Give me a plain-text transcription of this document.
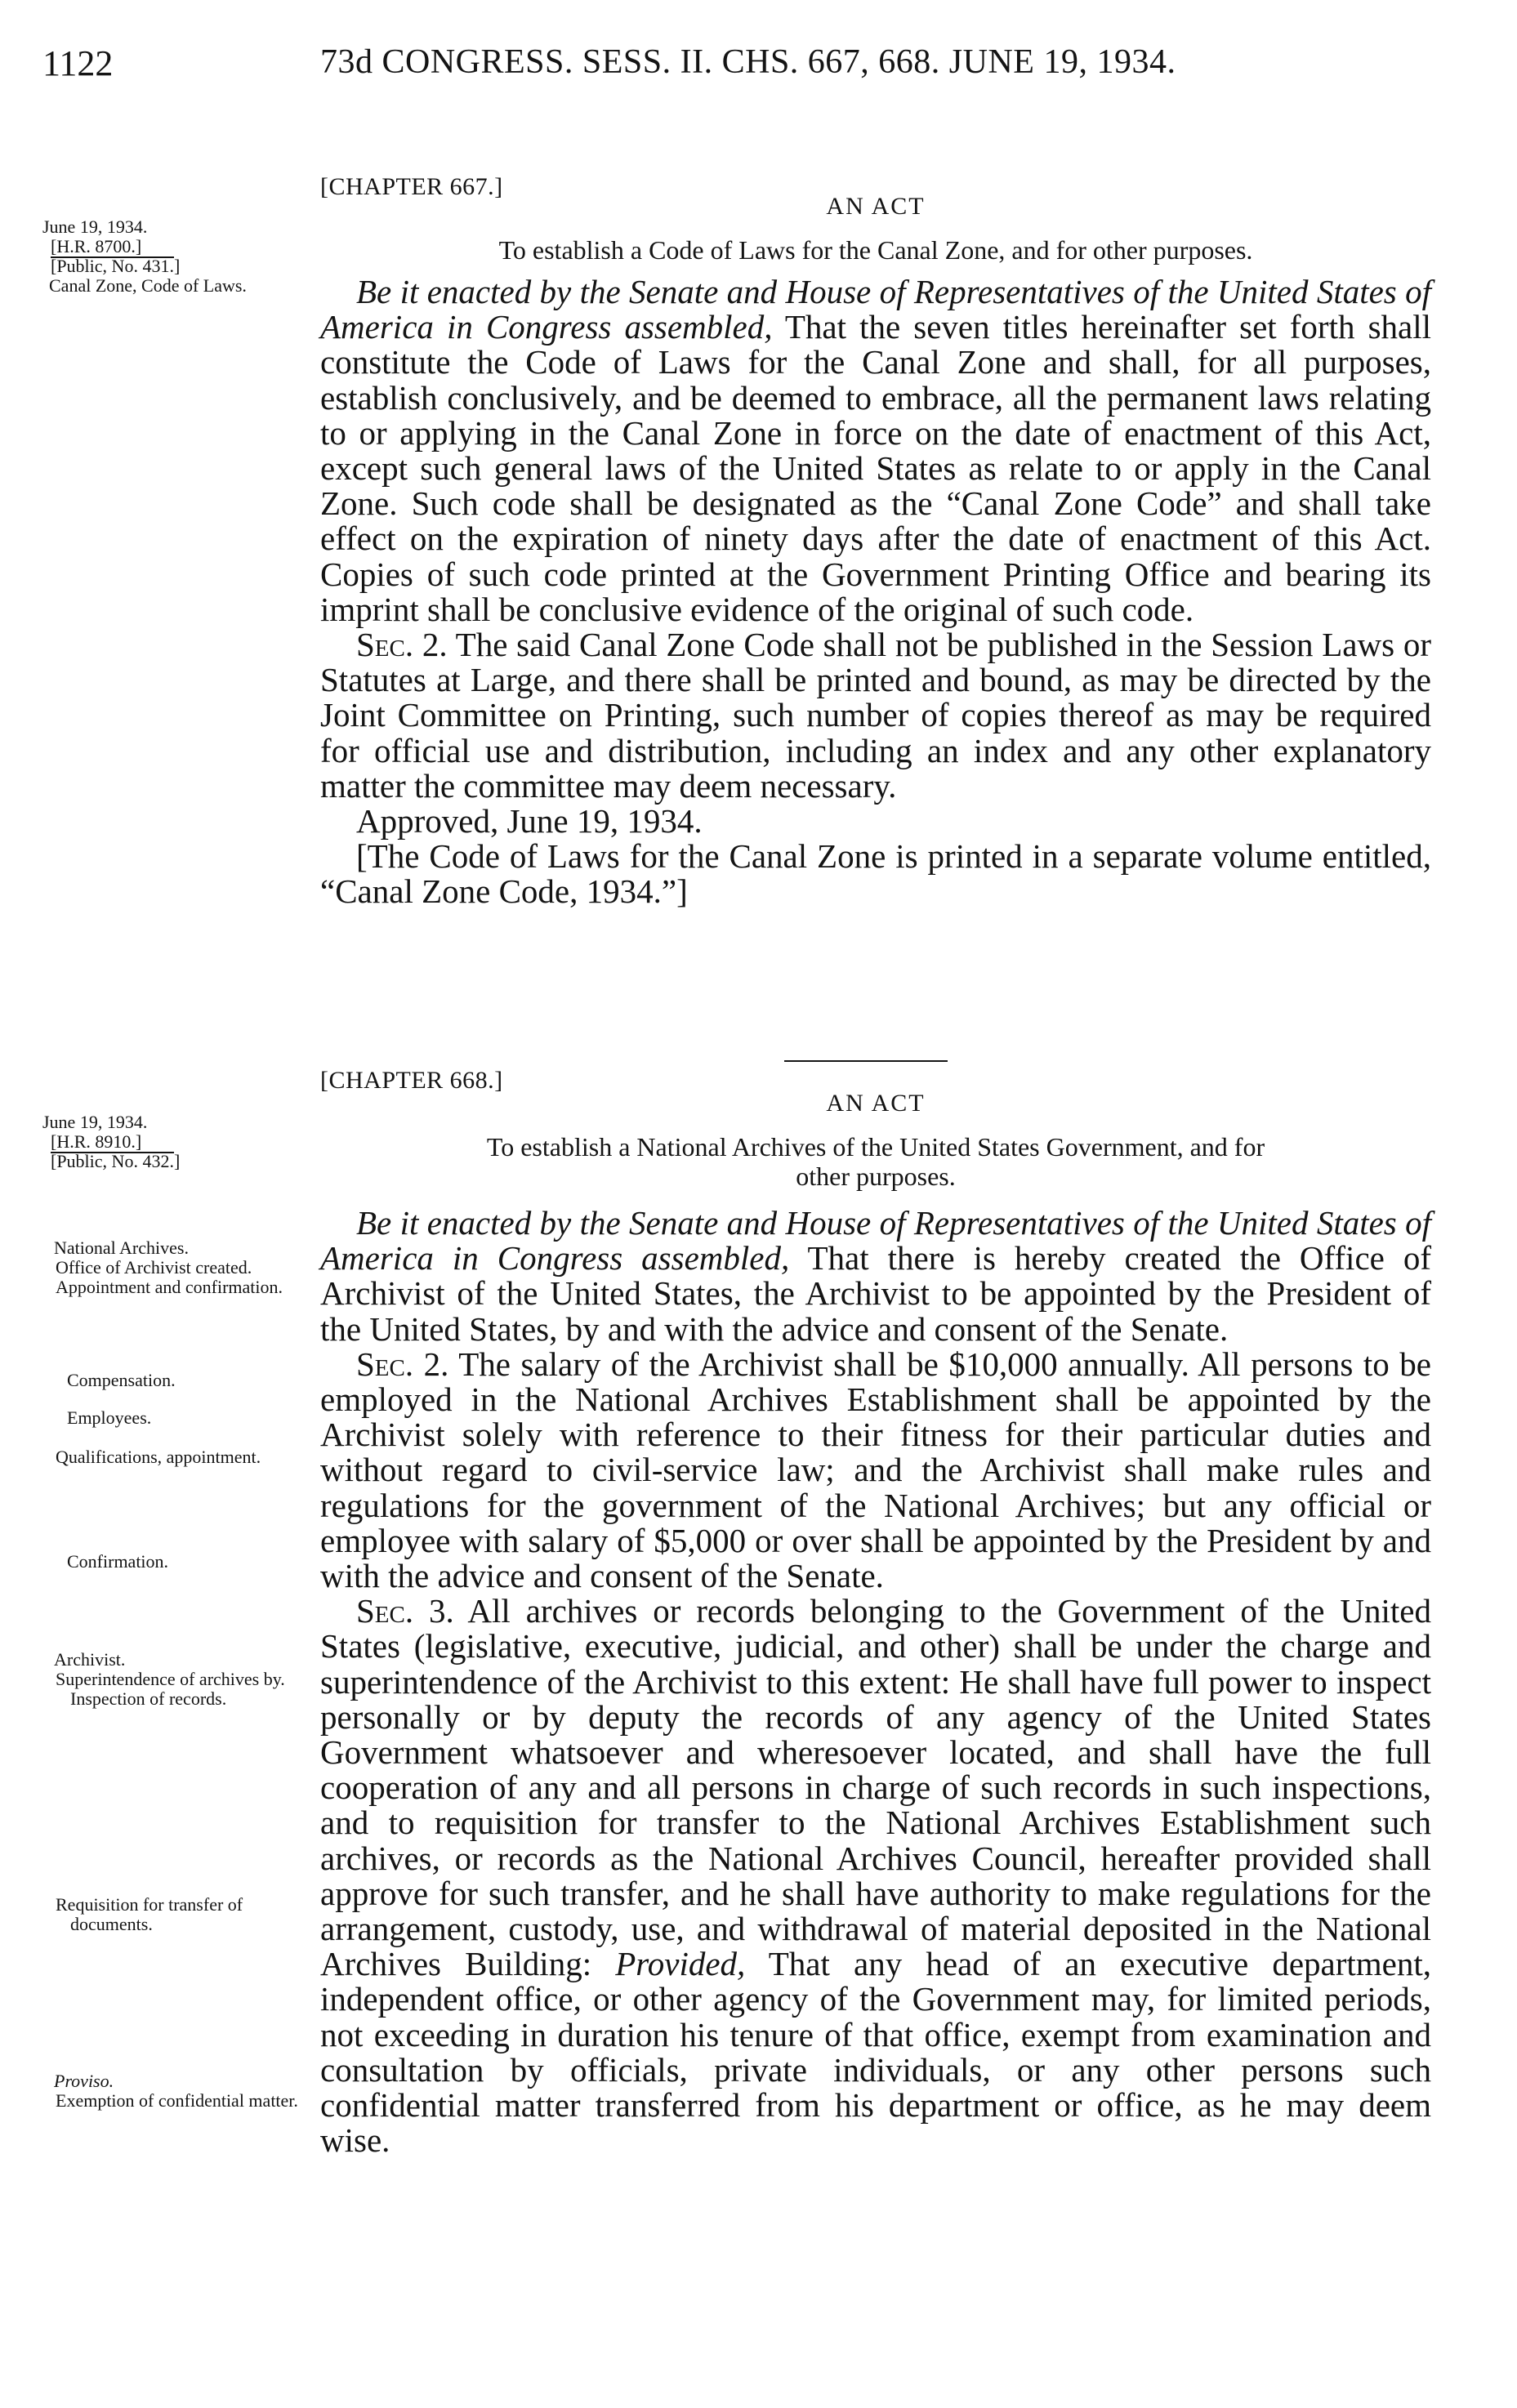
1122	73d CONGRESS. SESS. II. CHS. 667, 668. JUNE 19, 1934.
[CHAPTER 667.]
AN ACT
To establish a Code of Laws for the Canal Zone, and for other purposes.
June 19, 1934.
[H.R. 8700.]
[Public, No. 431.]
Canal Zone, Code of Laws.	Be it enacted by the Senate and House of Representatives of the United States of America in Congress assembled, That the seven titles hereinafter set forth shall constitute the Code of Laws for the Canal Zone and shall, for all purposes, establish conclusively, and be deemed to embrace, all the permanent laws relating to or applying in the Canal Zone in force on the date of enactment of this Act, except such general laws of the United States as relate to or apply in the Canal Zone. Such code shall be designated as the “Canal Zone Code” and shall take effect on the expiration of ninety days after the date of enactment of this Act. Copies of such code printed at the Government Printing Office and bearing its imprint shall be conclusive evidence of the original of such code.

Sec. 2. The said Canal Zone Code shall not be published in the Session Laws or Statutes at Large, and there shall be printed and bound, as may be directed by the Joint Committee on Printing, such number of copies thereof as may be required for official use and distribution, including an index and any other explanatory matter the committee may deem necessary.

Approved, June 19, 1934.

[The Code of Laws for the Canal Zone is printed in a separate volume entitled, “Canal Zone Code, 1934.”]

[CHAPTER 668.]
AN ACT
To establish a National Archives of the United States Government, and for
other purposes.
June 19, 1934.
[H.R. 8910.]
[Public, No. 432.]
National Archives.
Office of Archivist created.
Appointment and confirmation.
Compensation.
Employees.
Qualifications, appointment.
Confirmation.
Archivist.
Superintendence of archives by.
Inspection of records.
Requisition for transfer of documents.
Proviso.
Exemption of confidential matter.

Be it enacted by the Senate and House of Representatives of the United States of America in Congress assembled, That there is hereby created the Office of Archivist of the United States, the Archivist to be appointed by the President of the United States, by and with the advice and consent of the Senate.

Sec. 2. The salary of the Archivist shall be $10,000 annually. All persons to be employed in the National Archives Establishment shall be appointed by the Archivist solely with reference to their fitness for their particular duties and without regard to civil-service law; and the Archivist shall make rules and regulations for the government of the National Archives; but any official or employee with salary of $5,000 or over shall be appointed by the President by and with the advice and consent of the Senate.

Sec. 3. All archives or records belonging to the Government of the United States (legislative, executive, judicial, and other) shall be under the charge and superintendence of the Archivist to this extent: He shall have full power to inspect personally or by deputy the records of any agency of the United States Government whatsoever and wheresoever located, and shall have the full cooperation of any and all persons in charge of such records in such inspections, and to requisition for transfer to the National Archives Establishment such archives, or records as the National Archives Council, hereafter provided shall approve for such transfer, and he shall have authority to make regulations for the arrangement, custody, use, and withdrawal of material deposited in the National Archives Building: Provided, That any head of an executive department, independent office, or other agency of the Government may, for limited periods, not exceeding in duration his tenure of that office, exempt from examination and consultation by officials, private individuals, or any other persons such confidential matter transferred from his department or office, as he may deem wise.
